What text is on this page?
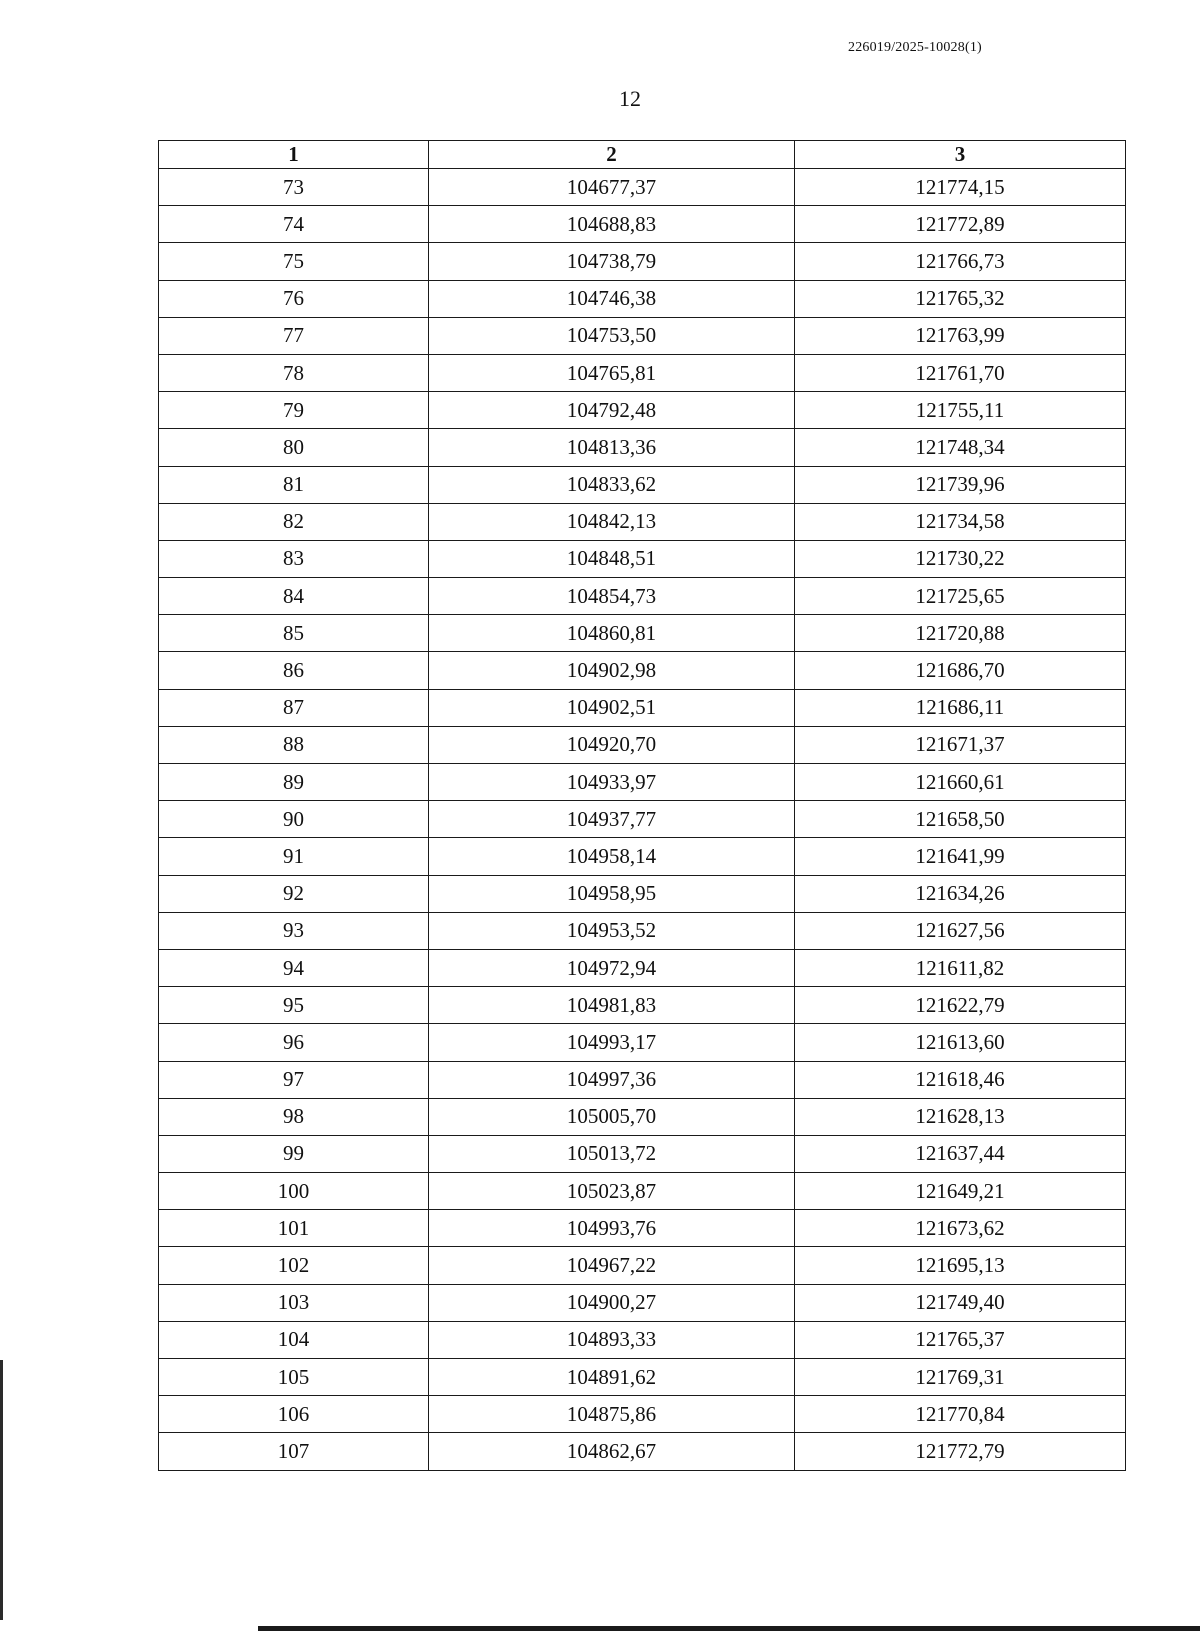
226019/2025-10028(1)
12
1	2	3
73	104677,37	121774,15
74	104688,83	121772,89
75	104738,79	121766,73
76	104746,38	121765,32
77	104753,50	121763,99
78	104765,81	121761,70
79	104792,48	121755,11
80	104813,36	121748,34
81	104833,62	121739,96
82	104842,13	121734,58
83	104848,51	121730,22
84	104854,73	121725,65
85	104860,81	121720,88
86	104902,98	121686,70
87	104902,51	121686,11
88	104920,70	121671,37
89	104933,97	121660,61
90	104937,77	121658,50
91	104958,14	121641,99
92	104958,95	121634,26
93	104953,52	121627,56
94	104972,94	121611,82
95	104981,83	121622,79
96	104993,17	121613,60
97	104997,36	121618,46
98	105005,70	121628,13
99	105013,72	121637,44
100	105023,87	121649,21
101	104993,76	121673,62
102	104967,22	121695,13
103	104900,27	121749,40
104	104893,33	121765,37
105	104891,62	121769,31
106	104875,86	121770,84
107	104862,67	121772,79
